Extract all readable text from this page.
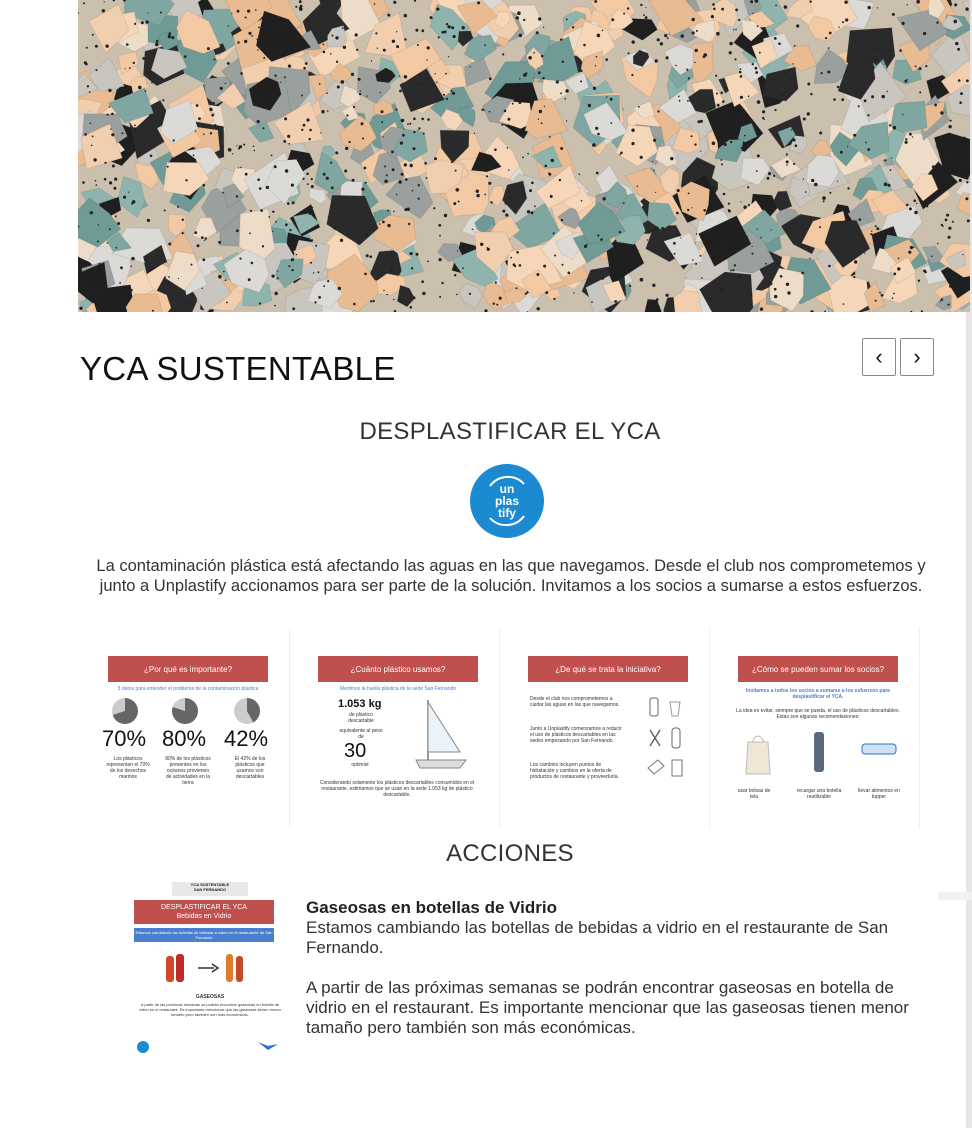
YCA SUSTENTABLE	‹ ›
DESPLASTIFICAR EL YCA
un
plas
tify
La contaminación plástica está afectando las aguas en las que navegamos. Desde el club nos comprometemos y junto a Unplastify accionamos para ser parte de la solución. Invitamos a los socios a sumarse a estos esfuerzos.
¿Por qué es importante?
3 datos para entender el problema de la contaminación plástica
70% 80% 42%
Los plásticos representan el 70% de los desechos marinos
80% de los plásticos presentes en los océanos provienen de actividades en la tierra
El 42% de los plásticos que usamos son descartables
¿Cuánto plástico usamos?
Medimos la huella plástica de la sede San Fernando
1.053 kg
de plástico descartable
equivalente al peso de
30
optimist
Considerando solamente los plásticos descartables consumidos en el restaurante, estimamos que se usan en la sede 1.053 kg de plástico descartable.
¿De qué se trata la iniciativa?
Desde el club nos comprometemos a cuidar las aguas en las que navegamos.
Junto a Unplastify comenzamos a reducir el uso de plásticos descartables en las sedes empezando por San Fernando.
Los cambios incluyen puntos de hidratación y cambios en la oferta de productos de restaurante y proveeduría.
¿Cómo se pueden sumar los socios?
Invitamos a todos los socios a sumarse a los esfuerzos para desplastificar el YCA.
La idea es evitar, siempre que se pueda, el uso de plásticos descartables. Estas son algunas recomendaciones:
usar bolsas de tela
recargar una botella reutilizable
llevar alimentos en tupper
ACCIONES
YCA SUSTENTABLE
SAN FERNANDO
DESPLASTIFICAR EL YCA
Bebidas en Vidrio
Estamos cambiando las botellas de bebidas a vidrio en el restaurante de San Fernando
GASEOSAS
A partir de las próximas semanas se podrán encontrar gaseosas en botella de vidrio en el restaurant. Es importante mencionar que las gaseosas tienen menor tamaño pero también son más económicas.
Gaseosas en botellas de Vidrio
Estamos cambiando las botellas de bebidas a vidrio en el restaurante de San Fernando.
A partir de las próximas semanas se podrán encontrar gaseosas en botella de vidrio en el restaurant. Es importante mencionar que las gaseosas tienen menor tamaño pero también son más económicas.
